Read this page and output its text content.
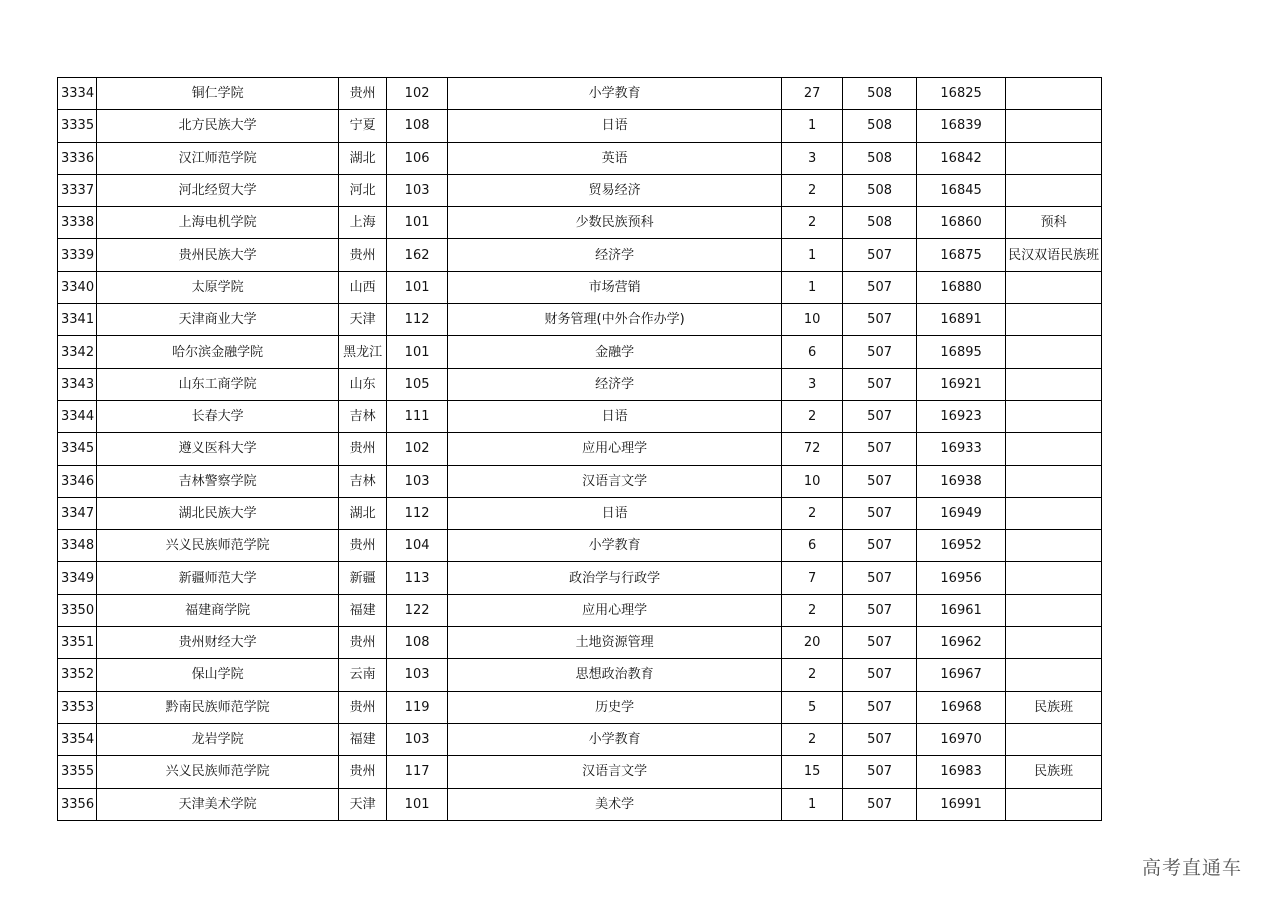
3334	铜仁学院	贵州	102	小学教育	27	508	16825	
3335	北方民族大学	宁夏	108	日语	1	508	16839	
3336	汉江师范学院	湖北	106	英语	3	508	16842	
3337	河北经贸大学	河北	103	贸易经济	2	508	16845	
3338	上海电机学院	上海	101	少数民族预科	2	508	16860	预科
3339	贵州民族大学	贵州	162	经济学	1	507	16875	民汉双语民族班
3340	太原学院	山西	101	市场营销	1	507	16880	
3341	天津商业大学	天津	112	财务管理(中外合作办学)	10	507	16891	
3342	哈尔滨金融学院	黑龙江	101	金融学	6	507	16895	
3343	山东工商学院	山东	105	经济学	3	507	16921	
3344	长春大学	吉林	111	日语	2	507	16923	
3345	遵义医科大学	贵州	102	应用心理学	72	507	16933	
3346	吉林警察学院	吉林	103	汉语言文学	10	507	16938	
3347	湖北民族大学	湖北	112	日语	2	507	16949	
3348	兴义民族师范学院	贵州	104	小学教育	6	507	16952	
3349	新疆师范大学	新疆	113	政治学与行政学	7	507	16956	
3350	福建商学院	福建	122	应用心理学	2	507	16961	
3351	贵州财经大学	贵州	108	土地资源管理	20	507	16962	
3352	保山学院	云南	103	思想政治教育	2	507	16967	
3353	黔南民族师范学院	贵州	119	历史学	5	507	16968	民族班
3354	龙岩学院	福建	103	小学教育	2	507	16970	
3355	兴义民族师范学院	贵州	117	汉语言文学	15	507	16983	民族班
3356	天津美术学院	天津	101	美术学	1	507	16991	
高考直通车
